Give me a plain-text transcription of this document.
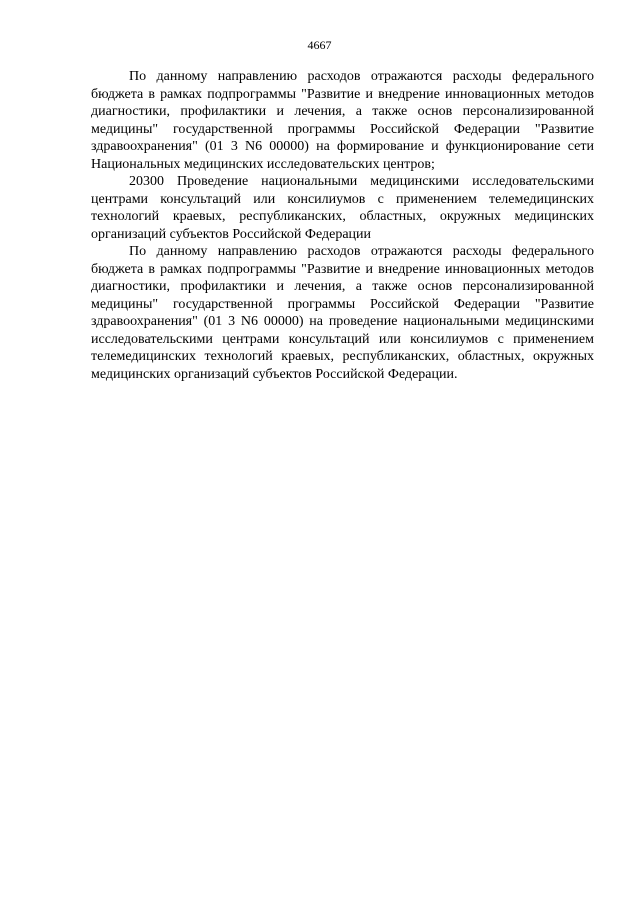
4667

По данному направлению расходов отражаются расходы федерального бюджета в рамках подпрограммы "Развитие и внедрение инновационных методов диагностики, профилактики и лечения, а также основ персонализированной медицины" государственной программы Российской Федерации "Развитие здравоохранения" (01 3 N6 00000) на формирование и функционирование сети Национальных медицинских исследовательских центров;

20300 Проведение национальными медицинскими исследовательскими центрами консультаций или консилиумов с применением телемедицинских технологий краевых, республиканских, областных, окружных медицинских организаций субъектов Российской Федерации

По данному направлению расходов отражаются расходы федерального бюджета в рамках подпрограммы "Развитие и внедрение инновационных методов диагностики, профилактики и лечения, а также основ персонализированной медицины" государственной программы Российской Федерации "Развитие здравоохранения" (01 3 N6 00000) на проведение национальными медицинскими исследовательскими центрами консультаций или консилиумов с применением телемедицинских технологий краевых, республиканских, областных, окружных медицинских организаций субъектов Российской Федерации.
